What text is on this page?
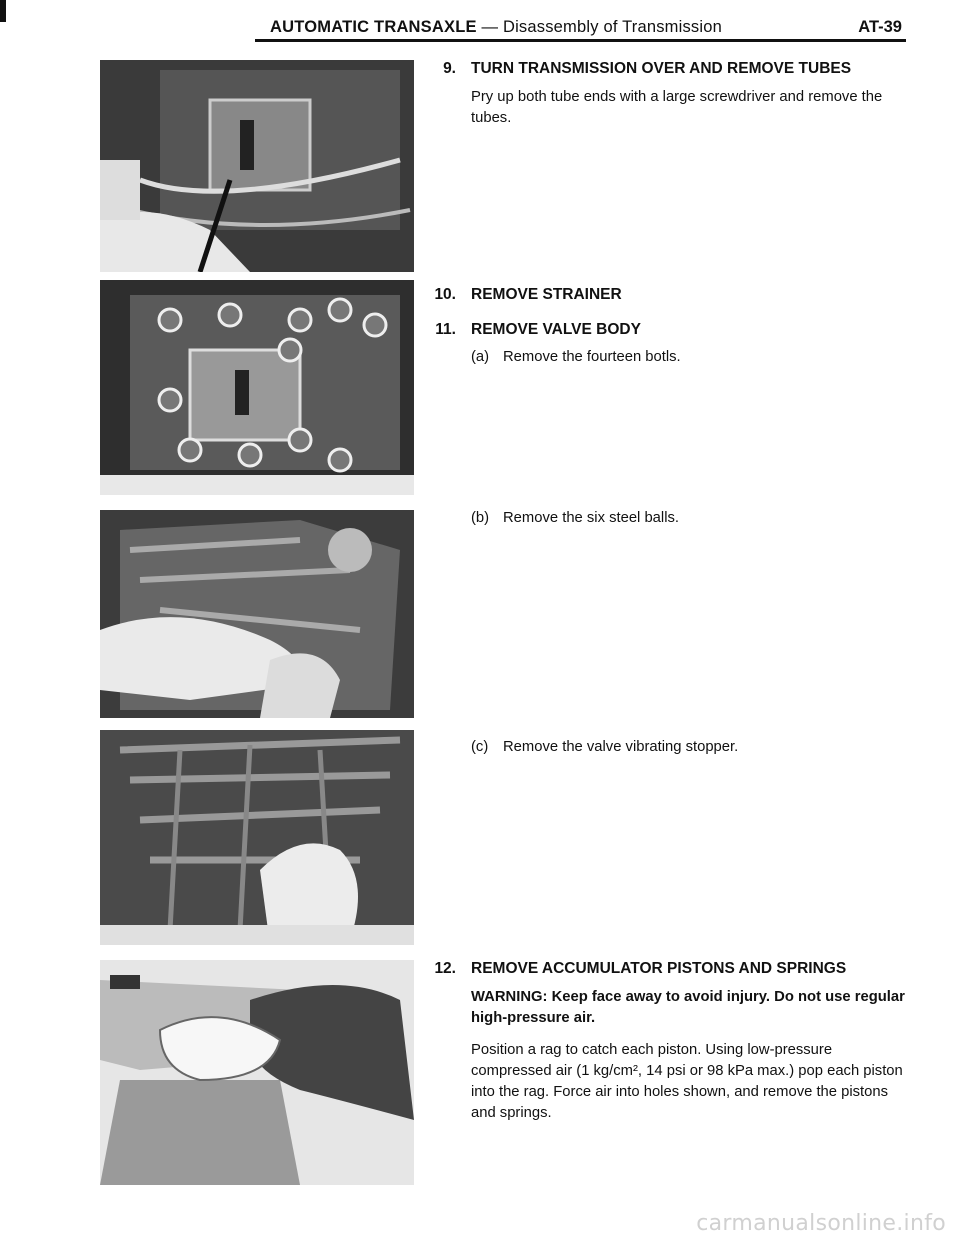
AUTOMATIC TRANSAXLE — Disassembly of Transmission	AT-39
9. TURN TRANSMISSION OVER AND REMOVE TUBES
Pry up both tube ends with a large screwdriver and remove the tubes.
10. REMOVE STRAINER
11. REMOVE VALVE BODY
(a) Remove the fourteen botls.
(b) Remove the six steel balls.
(c) Remove the valve vibrating stopper.
12. REMOVE ACCUMULATOR PISTONS AND SPRINGS
WARNING: Keep face away to avoid injury. Do not use regular high-pressure air.
Position a rag to catch each piston. Using low-pressure compressed air (1 kg/cm², 14 psi or 98 kPa max.) pop each piston into the rag. Force air into holes shown, and remove the pistons and springs.
carmanualsonline.info
